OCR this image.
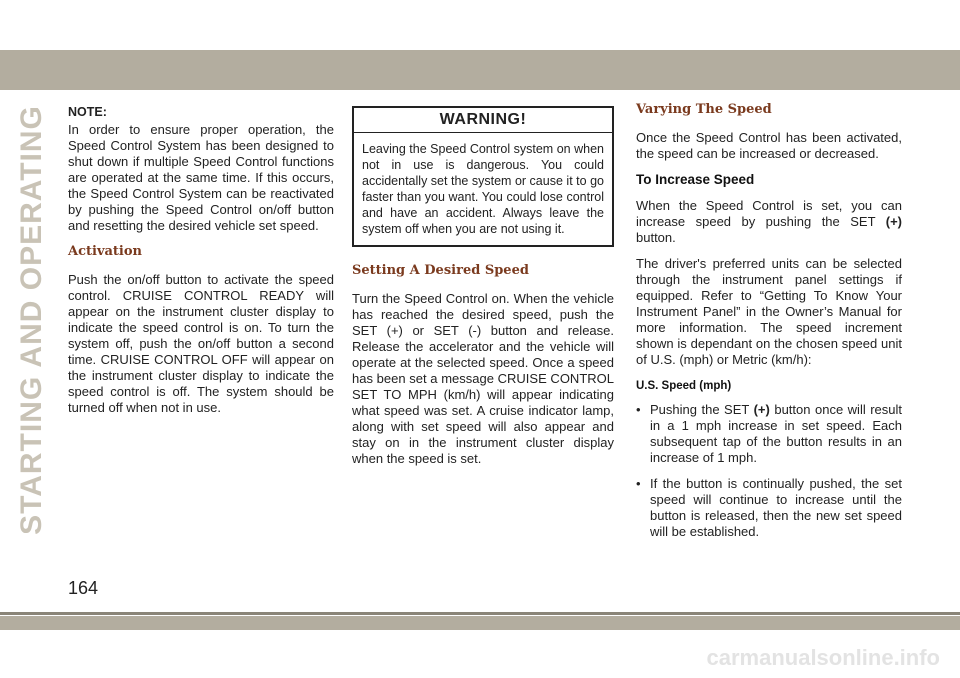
STARTING AND OPERATING	NOTE:

In order to ensure proper operation, the Speed Control System has been designed to shut down if multiple Speed Control functions are operated at the same time. If this occurs, the Speed Control System can be reactivated by pushing the Speed Control on/off button and resetting the desired vehicle set speed.

Activation

Push the on/off button to activate the speed control. CRUISE CONTROL READY will appear on the instrument cluster display to indicate the speed control is on. To turn the system off, push the on/off button a second time. CRUISE CONTROL OFF will appear on the instrument cluster display to indicate the speed control is off. The system should be turned off when not in use.

WARNING!
Leaving the Speed Control system on when not in use is dangerous. You could accidentally set the system or cause it to go faster than you want. You could lose control and have an accident. Always leave the system off when you are not using it.
Setting A Desired Speed

Turn the Speed Control on. When the vehicle has reached the desired speed, push the SET (+) or SET (-) button and release. Release the accelerator and the vehicle will operate at the selected speed. Once a speed has been set a message CRUISE CONTROL SET TO MPH (km/h) will appear indicating what speed was set. A cruise indicator lamp, along with set speed will also appear and stay on in the instrument cluster display when the speed is set.

Varying The Speed

Once the Speed Control has been activated, the speed can be increased or decreased.

To Increase Speed

When the Speed Control is set, you can increase speed by pushing the SET (+) button.

The driver's preferred units can be selected through the instrument panel settings if equipped. Refer to “Getting To Know Your Instrument Panel” in the Owner’s Manual for more information. The speed increment shown is dependant on the chosen speed unit of U.S. (mph) or Metric (km/h):

U.S. Speed (mph)
• Pushing the SET (+) button once will result in a 1 mph increase in set speed. Each subsequent tap of the button results in an increase of 1 mph.
• If the button is continually pushed, the set speed will continue to increase until the button is released, then the new set speed will be established.
164
carmanualsonline.info
